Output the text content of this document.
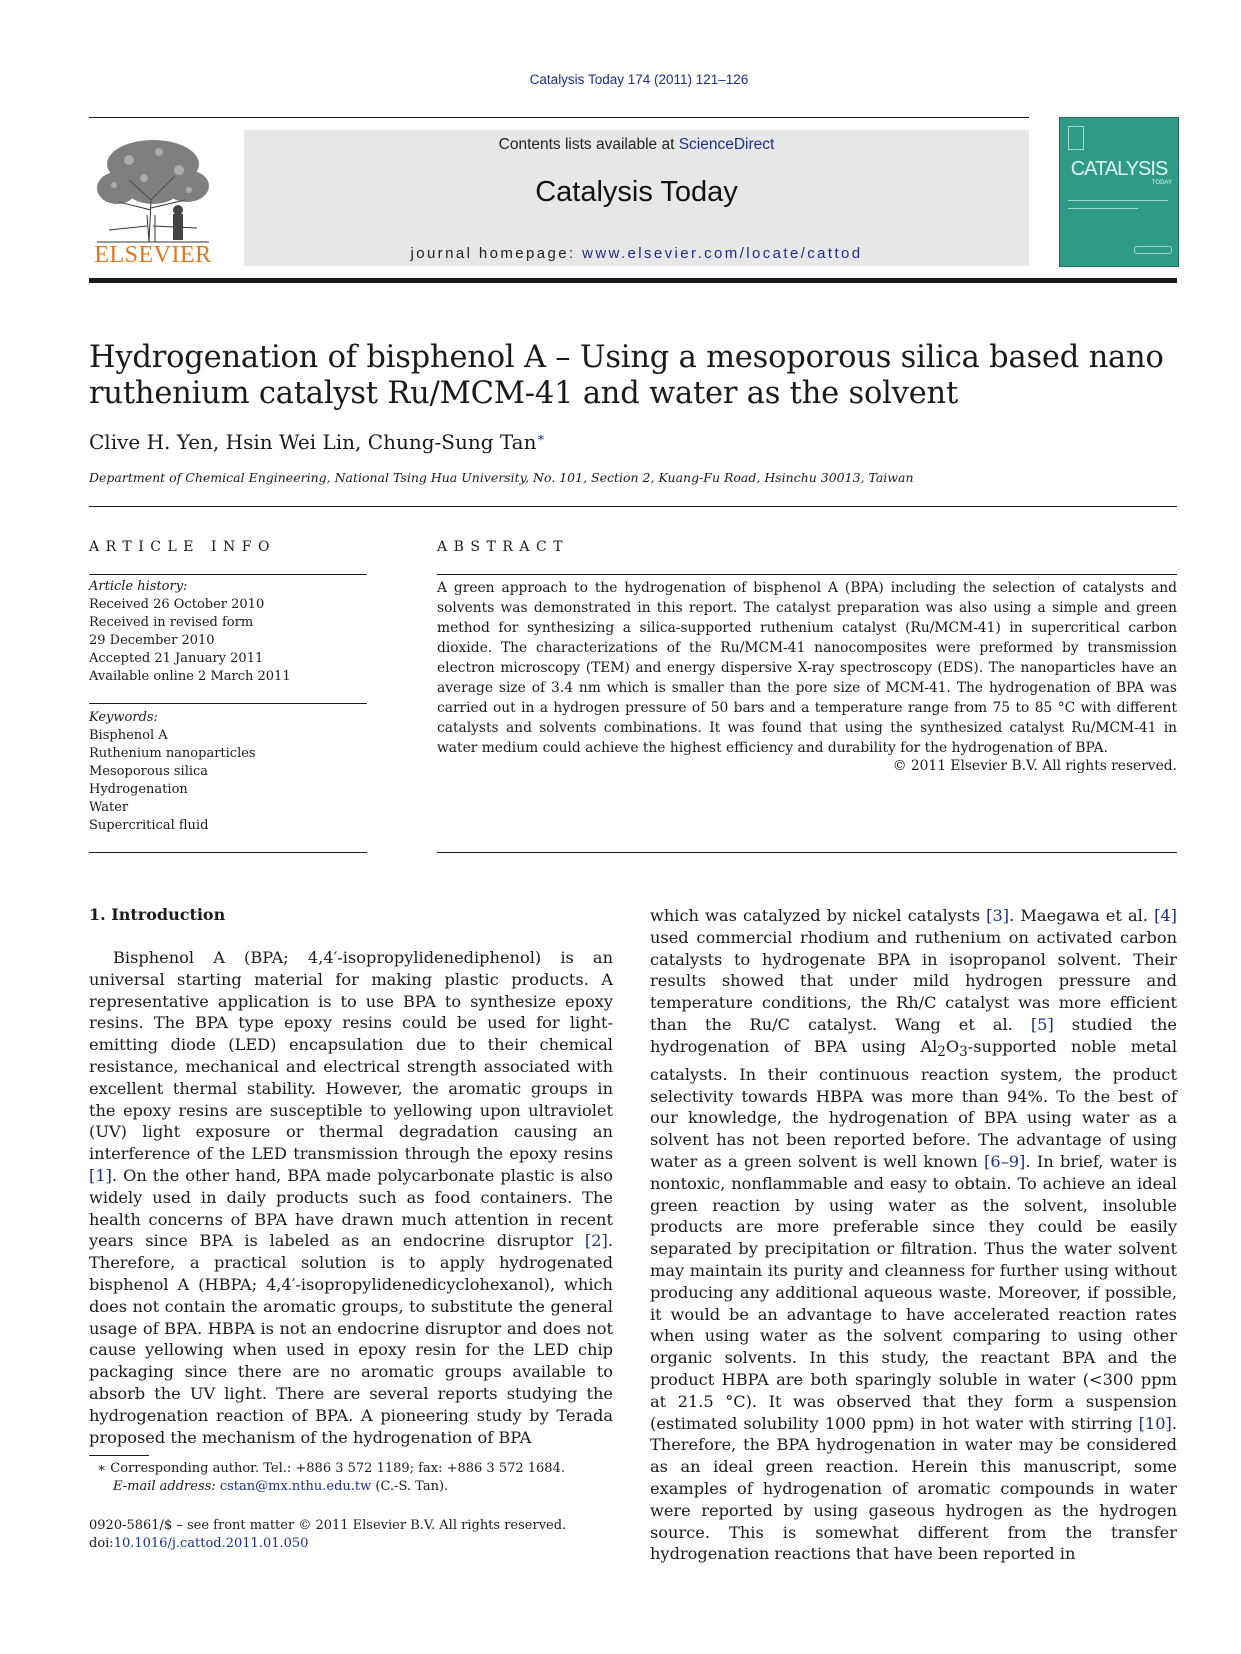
Catalysis Today 174 (2011) 121–126
ELSEVIER
Contents lists available at ScienceDirect
Catalysis Today
journal homepage: www.elsevier.com/locate/cattod
CATALYSIS
TODAY
Hydrogenation of bisphenol A – Using a mesoporous silica based nano ruthenium catalyst Ru/MCM-41 and water as the solvent
Clive H. Yen, Hsin Wei Lin, Chung-Sung Tan∗
Department of Chemical Engineering, National Tsing Hua University, No. 101, Section 2, Kuang-Fu Road, Hsinchu 30013, Taiwan
ARTICLE INFO
Article history:
Received 26 October 2010
Received in revised form
29 December 2010
Accepted 21 January 2011
Available online 2 March 2011
Keywords:
Bisphenol A
Ruthenium nanoparticles
Mesoporous silica
Hydrogenation
Water
Supercritical fluid
ABSTRACT
A green approach to the hydrogenation of bisphenol A (BPA) including the selection of catalysts and solvents was demonstrated in this report. The catalyst preparation was also using a simple and green method for synthesizing a silica-supported ruthenium catalyst (Ru/MCM-41) in supercritical carbon dioxide. The characterizations of the Ru/MCM-41 nanocomposites were preformed by transmission electron microscopy (TEM) and energy dispersive X-ray spectroscopy (EDS). The nanoparticles have an average size of 3.4 nm which is smaller than the pore size of MCM-41. The hydrogenation of BPA was carried out in a hydrogen pressure of 50 bars and a temperature range from 75 to 85 °C with different catalysts and solvents combinations. It was found that using the synthesized catalyst Ru/MCM-41 in water medium could achieve the highest efficiency and durability for the hydrogenation of BPA.
© 2011 Elsevier B.V. All rights reserved.
1. Introduction
Bisphenol A (BPA; 4,4′-isopropylidenediphenol) is an universal starting material for making plastic products. A representative application is to use BPA to synthesize epoxy resins. The BPA type epoxy resins could be used for light-emitting diode (LED) encapsulation due to their chemical resistance, mechanical and electrical strength associated with excellent thermal stability. However, the aromatic groups in the epoxy resins are susceptible to yellowing upon ultraviolet (UV) light exposure or thermal degradation causing an interference of the LED transmission through the epoxy resins [1]. On the other hand, BPA made polycarbonate plastic is also widely used in daily products such as food containers. The health concerns of BPA have drawn much attention in recent years since BPA is labeled as an endocrine disruptor [2]. Therefore, a practical solution is to apply hydrogenated bisphenol A (HBPA; 4,4′-isopropylidenedicyclohexanol), which does not contain the aromatic groups, to substitute the general usage of BPA. HBPA is not an endocrine disruptor and does not cause yellowing when used in epoxy resin for the LED chip packaging since there are no aromatic groups available to absorb the UV light. There are several reports studying the hydrogenation reaction of BPA. A pioneering study by Terada proposed the mechanism of the hydrogenation of BPA
which was catalyzed by nickel catalysts [3]. Maegawa et al. [4] used commercial rhodium and ruthenium on activated carbon catalysts to hydrogenate BPA in isopropanol solvent. Their results showed that under mild hydrogen pressure and temperature conditions, the Rh/C catalyst was more efficient than the Ru/C catalyst. Wang et al. [5] studied the hydrogenation of BPA using $Al_2O_3$-supported noble metal catalysts. In their continuous reaction system, the product selectivity towards HBPA was more than 94%. To the best of our knowledge, the hydrogenation of BPA using water as a solvent has not been reported before. The advantage of using water as a green solvent is well known [6–9]. In brief, water is nontoxic, nonflammable and easy to obtain. To achieve an ideal green reaction by using water as the solvent, insoluble products are more preferable since they could be easily separated by precipitation or filtration. Thus the water solvent may maintain its purity and cleanness for further using without producing any additional aqueous waste. Moreover, if possible, it would be an advantage to have accelerated reaction rates when using water as the solvent comparing to using other organic solvents. In this study, the reactant BPA and the product HBPA are both sparingly soluble in water (<300 ppm at 21.5 °C). It was observed that they form a suspension (estimated solubility 1000 ppm) in hot water with stirring [10]. Therefore, the BPA hydrogenation in water may be considered as an ideal green reaction. Herein this manuscript, some examples of hydrogenation of aromatic compounds in water were reported by using gaseous hydrogen as the hydrogen source. This is somewhat different from the transfer hydrogenation reactions that have been reported in
∗ Corresponding author. Tel.: +886 3 572 1189; fax: +886 3 572 1684.
E-mail address: cstan@mx.nthu.edu.tw (C.-S. Tan).
0920-5861/$ – see front matter © 2011 Elsevier B.V. All rights reserved.
doi:10.1016/j.cattod.2011.01.050
